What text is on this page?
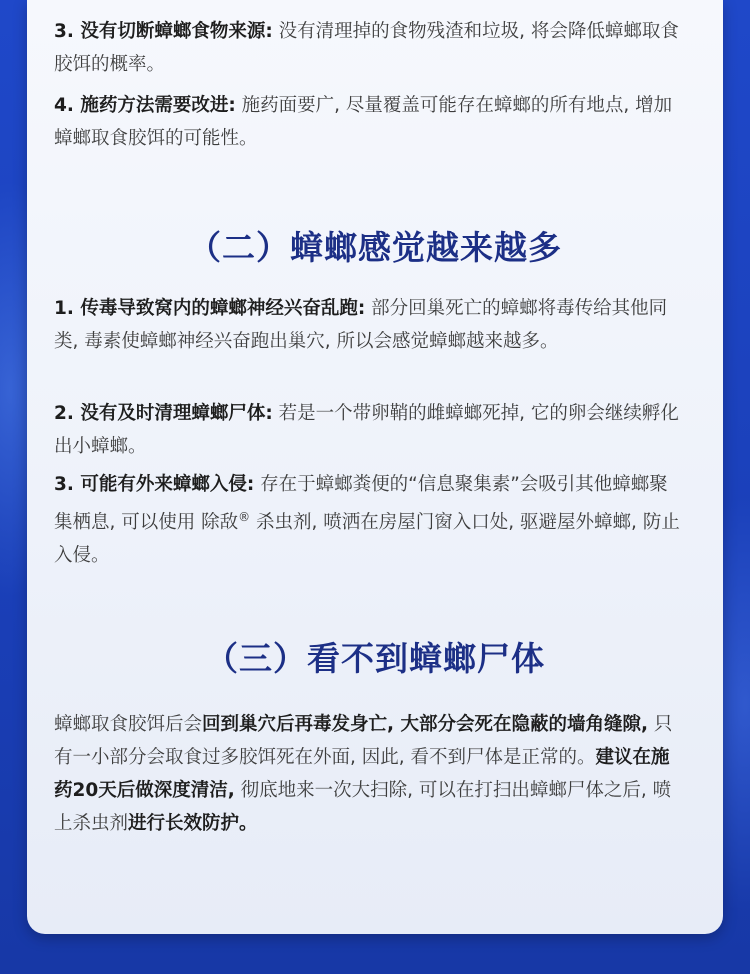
3. 没有切断蟑螂食物来源: 没有清理掉的食物残渣和垃圾, 将会降低蟑螂取食胶饵的概率。
4. 施药方法需要改进: 施药面要广, 尽量覆盖可能存在蟑螂的所有地点, 增加蟑螂取食胶饵的可能性。
（二）蟑螂感觉越来越多
1. 传毒导致窝内的蟑螂神经兴奋乱跑: 部分回巢死亡的蟑螂将毒传给其他同类, 毒素使蟑螂神经兴奋跑出巢穴, 所以会感觉蟑螂越来越多。
2. 没有及时清理蟑螂尸体: 若是一个带卵鞘的雌蟑螂死掉, 它的卵会继续孵化出小蟑螂。
3. 可能有外来蟑螂入侵: 存在于蟑螂粪便的“信息聚集素”会吸引其他蟑螂聚集栖息, 可以使用 除敌® 杀虫剂, 喷洒在房屋门窗入口处, 驱避屋外蟑螂, 防止入侵。
（三）看不到蟑螂尸体
蟑螂取食胶饵后会回到巢穴后再毒发身亡, 大部分会死在隐蔽的墙角缝隙, 只有一小部分会取食过多胶饵死在外面, 因此, 看不到尸体是正常的。建议在施药20天后做深度清洁, 彻底地来一次大扫除, 可以在打扫出蟑螂尸体之后, 喷上杀虫剂进行长效防护。
